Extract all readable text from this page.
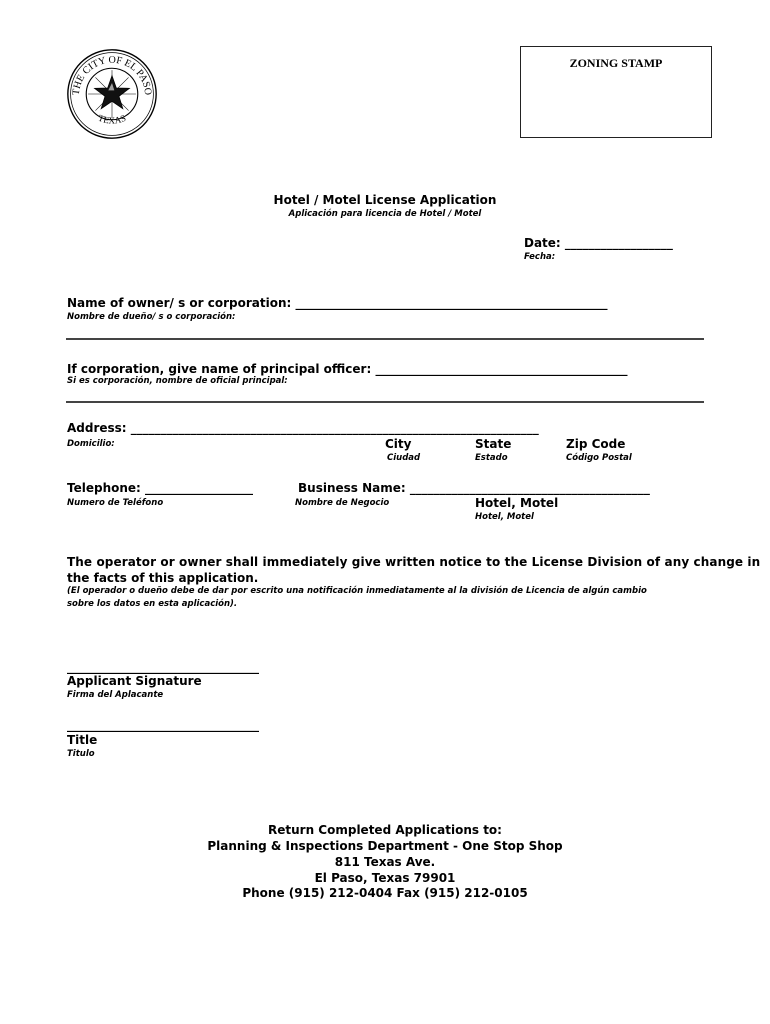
THE CITY OF EL PASO
TEXAS
ZONING STAMP
Hotel / Motel License Application
Aplicación para licencia de Hotel / Motel
Date: __________________
Fecha:
Name of owner/ s or corporation: ____________________________________________________
Nombre de dueño/ s o corporación:
If corporation, give name of principal officer: __________________________________________
Si es corporación, nombre de oficial principal:
Address: ____________________________________________________________________
Domicilio:	City
Ciudad
State
Estado
Zip Code
Código Postal
Telephone: __________________
Numero de Teléfono
Business Name: ________________________________________
Nombre de Negocio	Hotel, Motel
Hotel, Motel
The operator or owner shall immediately give written notice to the License Division of any change in
the facts of this application.
(El operador o dueño debe de dar por escrito una notificación inmediatamente al la división de Licencia de algún cambio
sobre los datos en esta aplicación).
________________________________
Applicant Signature
Firma del Aplacante
________________________________
Title
Titulo
Return Completed Applications to:
Planning & Inspections Department - One Stop Shop
811 Texas Ave.
El Paso, Texas 79901
Phone (915) 212-0404 Fax (915) 212-0105
